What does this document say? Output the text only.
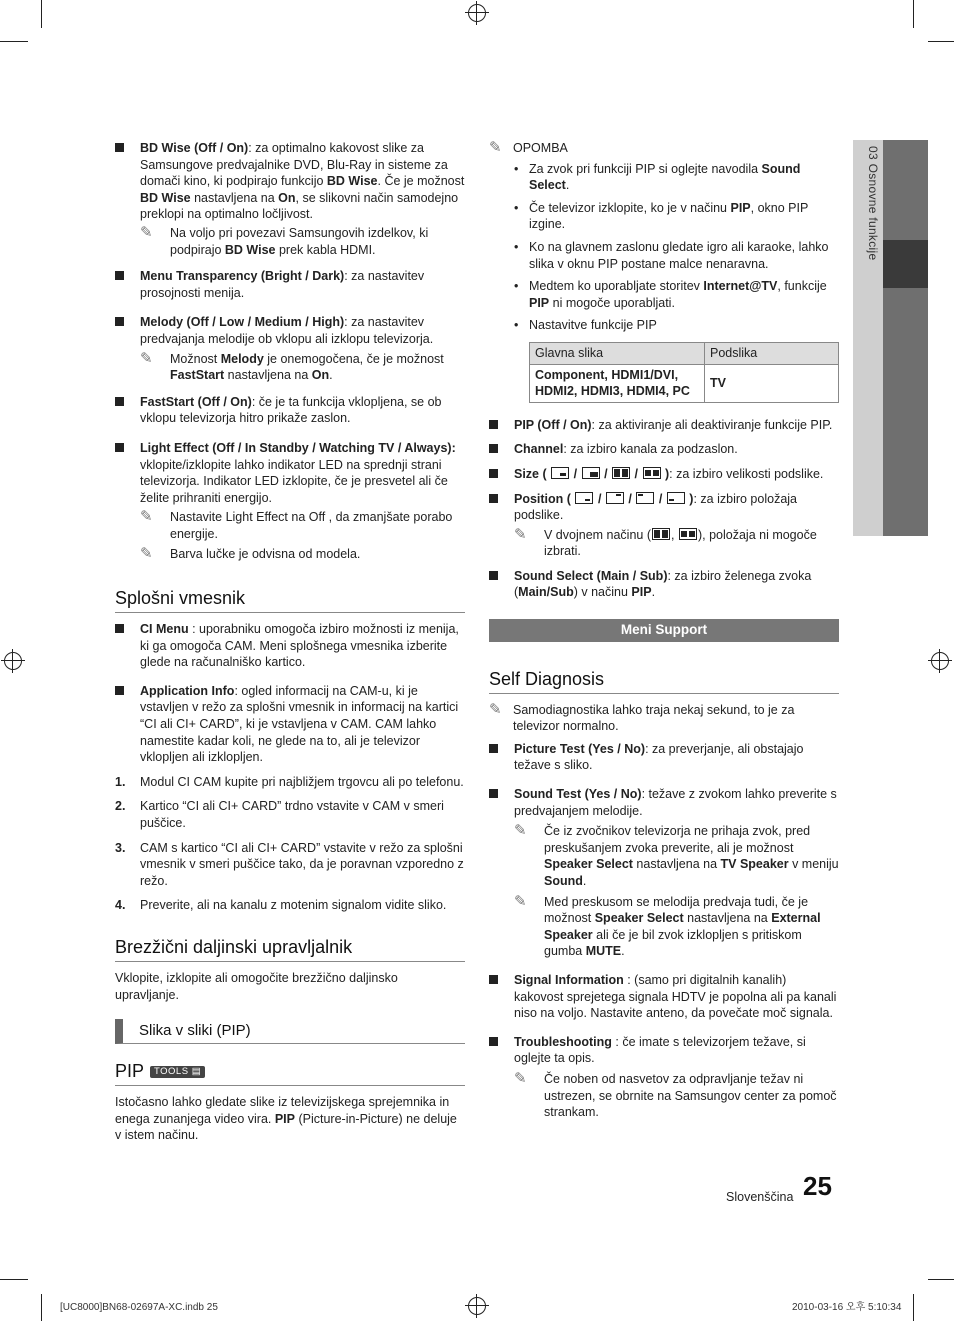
03 Osnovne funkcije
BD Wise (Off / On): za optimalno kakovost slike za Samsungove predvajalnike DVD, Blu-Ray in sisteme za domači kino, ki podpirajo funkcijo BD Wise. Če je možnost BD Wise nastavljena na On, se slikovni način samodejno preklopi na optimalno ločljivost.
✎ Na voljo pri povezavi Samsungovih izdelkov, ki podpirajo BD Wise prek kabla HDMI.
Menu Transparency (Bright / Dark): za nastavitev prosojnosti menija.
Melody (Off / Low / Medium / High): za nastavitev predvajanja melodije ob vklopu ali izklopu televizorja.
✎ Možnost Melody je onemogočena, če je možnost FastStart nastavljena na On.
FastStart (Off / On): če je ta funkcija vklopljena, se ob vklopu televizorja hitro prikaže zaslon.
Light Effect (Off / In Standby / Watching TV / Always): vklopite/izklopite lahko indikator LED na sprednji strani televizorja. Indikator LED izklopite, če je presvetel ali če želite prihraniti energijo.
✎ Nastavite Light Effect na Off , da zmanjšate porabo energije.
✎ Barva lučke je odvisna od modela.
Splošni vmesnik
CI Menu : uporabniku omogoča izbiro možnosti iz menija, ki ga omogoča CAM. Meni splošnega vmesnika izberite glede na računalniško kartico.
Application Info: ogled informacij na CAM-u, ki je vstavljen v režo za splošni vmesnik in informacij na kartici “CI ali CI+ CARD”, ki je vstavljena v CAM. CAM lahko namestite kadar koli, ne glede na to, ali je televizor vklopljen ali izklopljen.
1. Modul CI CAM kupite pri najbližjem trgovcu ali po telefonu.
2. Kartico “CI ali CI+ CARD” trdno vstavite v CAM v smeri puščice.
3. CAM s kartico “CI ali CI+ CARD” vstavite v režo za splošni vmesnik v smeri puščice tako, da je poravnan vzporedno z režo.
4. Preverite, ali na kanalu z motenim signalom vidite sliko.
Brezžični daljinski upravljalnik
Vklopite, izklopite ali omogočite brezžično daljinsko upravljanje.
Slika v sliki (PIP)
PIP TOOLS ▤
Istočasno lahko gledate slike iz televizijskega sprejemnika in enega zunanjega video vira. PIP (Picture-in-Picture) ne deluje v istem načinu.
✎ OPOMBA
• Za zvok pri funkciji PIP si oglejte navodila Sound Select.
• Če televizor izklopite, ko je v načinu PIP, okno PIP izgine.
• Ko na glavnem zaslonu gledate igro ali karaoke, lahko slika v oknu PIP postane malce nenaravna.
• Medtem ko uporabljate storitev Internet@TV, funkcije PIP ni mogoče uporabljati.
• Nastavitve funkcije PIP
Glavna slika	Podslika
Component, HDMI1/DVI, HDMI2, HDMI3, HDMI4, PC	TV
PIP (Off / On): za aktiviranje ali deaktiviranje funkcije PIP.
Channel: za izbiro kanala za podzaslon.
Size ( / / / ): za izbiro velikosti podslike.
Position ( / / / ): za izbiro položaja podslike.
✎ V dvojnem načinu ( ,
), položaja ni mogoče izbrati.
Sound Select (Main / Sub): za izbiro želenega zvoka (Main/Sub) v načinu PIP.
Meni Support
Self Diagnosis
✎ Samodiagnostika lahko traja nekaj sekund, to je za televizor normalno.
Picture Test (Yes / No): za preverjanje, ali obstajajo težave s sliko.
Sound Test (Yes / No): težave z zvokom lahko preverite s predvajanjem melodije.
✎ Če iz zvočnikov televizorja ne prihaja zvok, pred preskušanjem zvoka preverite, ali je možnost Speaker Select nastavljena na TV Speaker v meniju Sound.
✎ Med preskusom se melodija predvaja tudi, če je možnost Speaker Select nastavljena na External Speaker ali če je bil zvok izklopljen s pritiskom gumba MUTE.
Signal Information : (samo pri digitalnih kanalih) kakovost sprejetega signala HDTV je popolna ali pa kanali niso na voljo. Nastavite anteno, da povečate moč signala.
Troubleshooting : če imate s televizorjem težave, si oglejte ta opis.
✎ Če noben od nasvetov za odpravljanje težav ni ustrezen, se obrnite na Samsungov center za pomoč strankam.
Slovenščina 25
[UC8000]BN68-02697A-XC.indb 25	2010-03-16 오후 5:10:34
